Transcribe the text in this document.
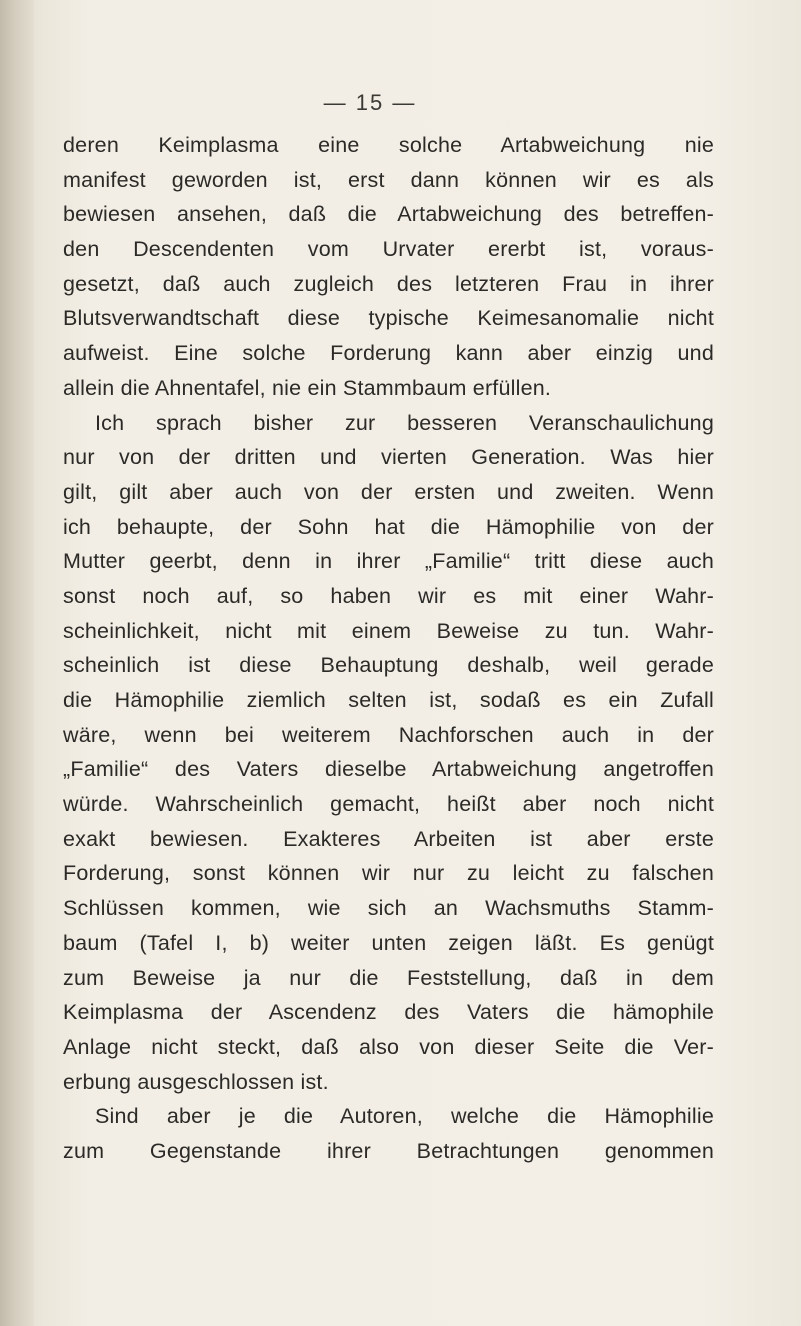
— 15 —
deren Keimplasma eine solche Artabweichung nie
manifest geworden ist, erst dann können wir es als
bewiesen ansehen, daß die Artabweichung des betreffen-
den Descendenten vom Urvater ererbt ist, voraus-
gesetzt, daß auch zugleich des letzteren Frau in ihrer
Blutsverwandtschaft diese typische Keimesanomalie nicht
aufweist. Eine solche Forderung kann aber einzig und
allein die Ahnentafel, nie ein Stammbaum erfüllen.
Ich sprach bisher zur besseren Veranschaulichung
nur von der dritten und vierten Generation. Was hier
gilt, gilt aber auch von der ersten und zweiten. Wenn
ich behaupte, der Sohn hat die Hämophilie von der
Mutter geerbt, denn in ihrer „Familie“ tritt diese auch
sonst noch auf, so haben wir es mit einer Wahr-
scheinlichkeit, nicht mit einem Beweise zu tun. Wahr-
scheinlich ist diese Behauptung deshalb, weil gerade
die Hämophilie ziemlich selten ist, sodaß es ein Zufall
wäre, wenn bei weiterem Nachforschen auch in der
„Familie“ des Vaters dieselbe Artabweichung angetroffen
würde. Wahrscheinlich gemacht, heißt aber noch nicht
exakt bewiesen. Exakteres Arbeiten ist aber erste
Forderung, sonst können wir nur zu leicht zu falschen
Schlüssen kommen, wie sich an Wachsmuths Stamm-
baum (Tafel I, b) weiter unten zeigen läßt. Es genügt
zum Beweise ja nur die Feststellung, daß in dem
Keimplasma der Ascendenz des Vaters die hämophile
Anlage nicht steckt, daß also von dieser Seite die Ver-
erbung ausgeschlossen ist.
Sind aber je die Autoren, welche die Hämophilie
zum Gegenstande ihrer Betrachtungen genommen
